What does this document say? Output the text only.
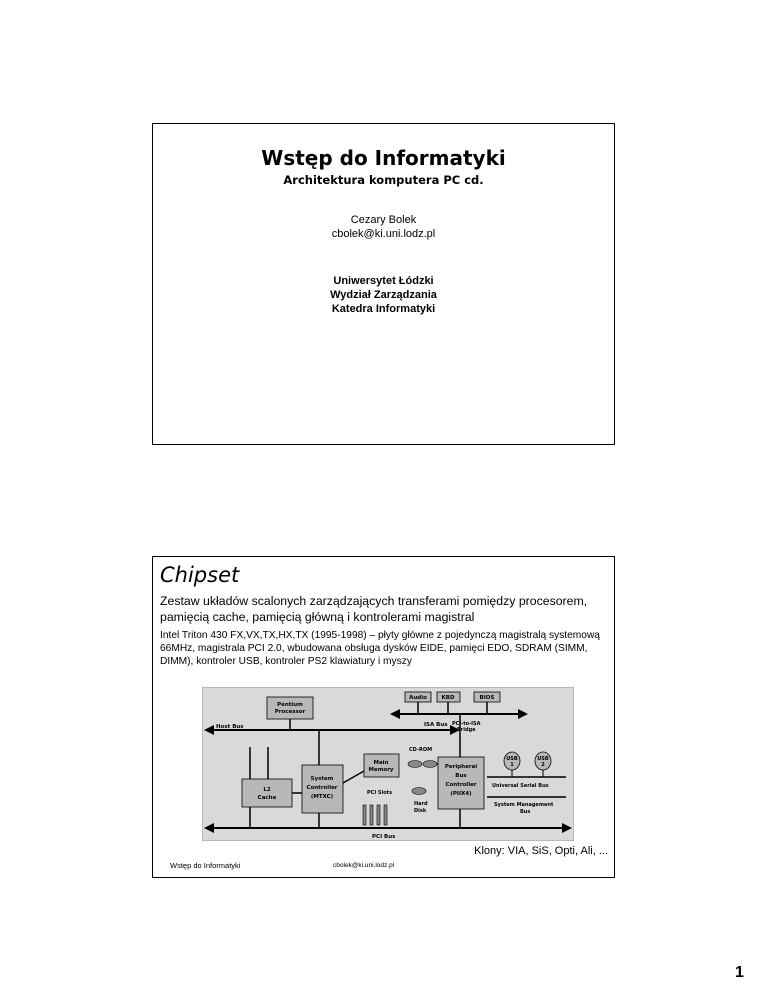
Wstęp do Informatyki
Architektura komputera PC cd.
Cezary Bolek
cbolek@ki.uni.lodz.pl
Uniwersytet Łódzki
Wydział Zarządzania
Katedra Informatyki
Chipset
Zestaw układów scalonych zarządzających transferami pomiędzy procesorem, pamięcią cache, pamięcią główną i kontrolerami magistral
Intel Triton 430 FX,VX,TX,HX,TX (1995-1998) – płyty główne z pojedynczą magistralą systemową 66MHz, magistrala PCI 2.0, wbudowana obsługa dysków EIDE, pamięci EDO, SDRAM (SIMM, DIMM), kontroler USB, kontroler PS2 klawiatury i myszy
Pentium
Processor
Audio	KBD	BIOS
Host Bus	ISA Bus PCI-to-ISA
Bridge
USB
1
USB
2
CD-ROM
Main
Memory	Peripheral
Bus
Controller
(PIIX4)
Universal Serial Bus
System Management
Bus
L2
Cache
System
Controller
(MTXC)
PCI Slots
Hard
Disk
PCI Bus
Klony: VIA, SiS, Opti, Ali, ...
Wstęp do Informatyki	cbolek@ki.uni.lodz.pl
1
